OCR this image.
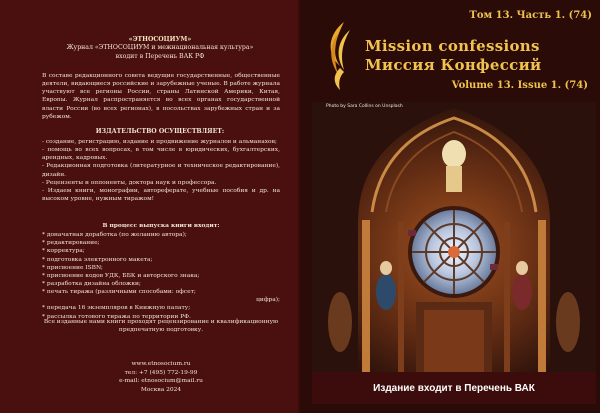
«ЭТНОСОЦИУМ»
Журнал «ЭТНОСОЦИУМ и межнациональная культура»
входит в Перечень ВАК РФ

В составе редакционного совета ведущие государственные, общественные деятели, видающиеся российские и зарубежные ученые. В работе журнала участвуют все регионы России, страны Латинской Америки, Китая, Европы. Журнал распространяется во всех органах государственной власти России (во всех регионах), в посольствах зарубежных стран и за рубежом.

ИЗДАТЕЛЬСТВО ОСУЩЕСТВЛЯЕТ:
- создание, регистрацию, издание и продвижение журналов и альманахов;
- помощь во всех вопросах, в том числе в юридических, бухгалтерских, арендных, кадровых.
- Редакционная подготовка (литературное и техническое редактирование), дизайн.
- Рецензенты и оппоненты, доктора наук и профессора.
- Издаем книги, монографии, автореферате, учебные пособия и др. на высоком уровне, нужным тиражом!
В процесс выпуска книги входит:
* доначатная доработка (по желанию автора);
* редактирование;
* корректура;
* подготовка электронного макета;
* присвоение ISBN;
* присвоение кодов УДК, ББК и авторского знака;
* разработка дизайна обложки;
* печать тиража (различными способами: офсет;
цифра);
* передача 16 экземпляров в Книжную палату;
* рассылка готового тиража по территории РФ.
Все изданные нами книги проходят рецензирование и квалификационную предпечатную подготовку.
www.etnosocium.ru
тел: +7 (495) 772-19-99
e-mail: etnosocium@mail.ru
Москва 2024
Том 13. Часть 1. (74)
Mission confessions
Миссия Конфессий
Volume 13. Issue 1. (74)
Photo by Sara Collins on Unsplash
Издание входит в Перечень ВАК
